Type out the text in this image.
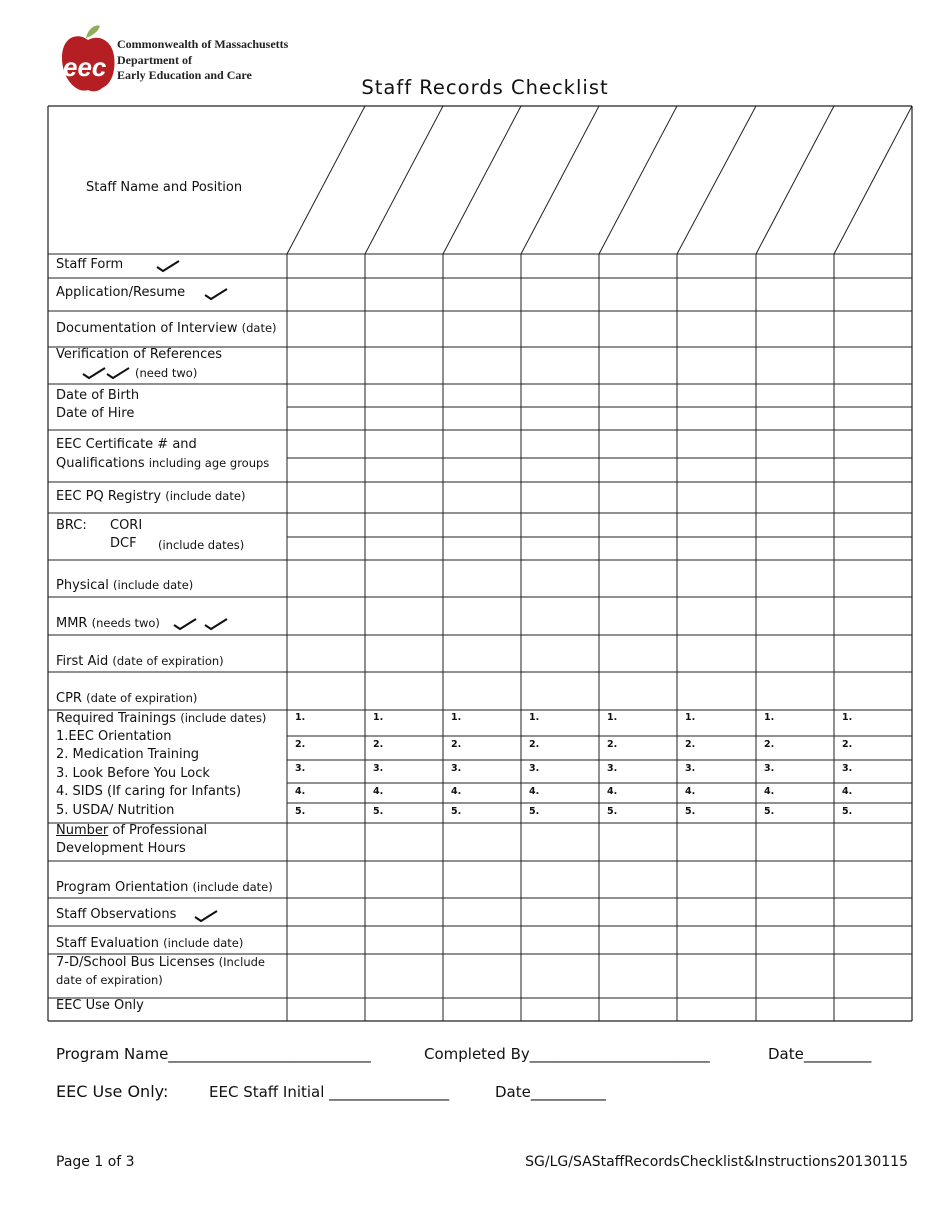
eec
Commonwealth of Massachusetts
Department of
Early Education and Care
Staff Records Checklist
Staff Name and Position
Staff Form
Application/Resume
Documentation of Interview (date)
Verification of References
(need two)
Date of Birth
Date of Hire
EEC Certificate # and
Qualifications including age groups
EEC PQ Registry (include date)
BRC: CORI
DCF (include dates)
Physical (include date)
MMR (needs two)
First Aid (date of expiration)
CPR (date of expiration)
Required Trainings (include dates)
1.EEC Orientation
2. Medication Training
3. Look Before You Lock
4. SIDS (If caring for Infants)
5. USDA/ Nutrition
Number of Professional
Development Hours
Program Orientation (include date)
Staff Observations
Staff Evaluation (include date)
7-D/School Bus Licenses (Include
date of expiration)
EEC Use Only
1.	1.	1.	1.	1.	1.	1.	1.
2.	2.	2.	2.	2.	2.	2.	2.
3.	3.	3.	3.	3.	3.	3.	3.
4.	4.	4.	4.	4.	4.	4.	4.
5.	5.	5.	5.	5.	5.	5.	5.
Program Name___________________________	Completed By________________________	Date_________
EEC Use Only:	EEC Staff Initial ________________	Date__________
Page 1 of 3	SG/LG/SAStaffRecordsChecklist&Instructions20130115
